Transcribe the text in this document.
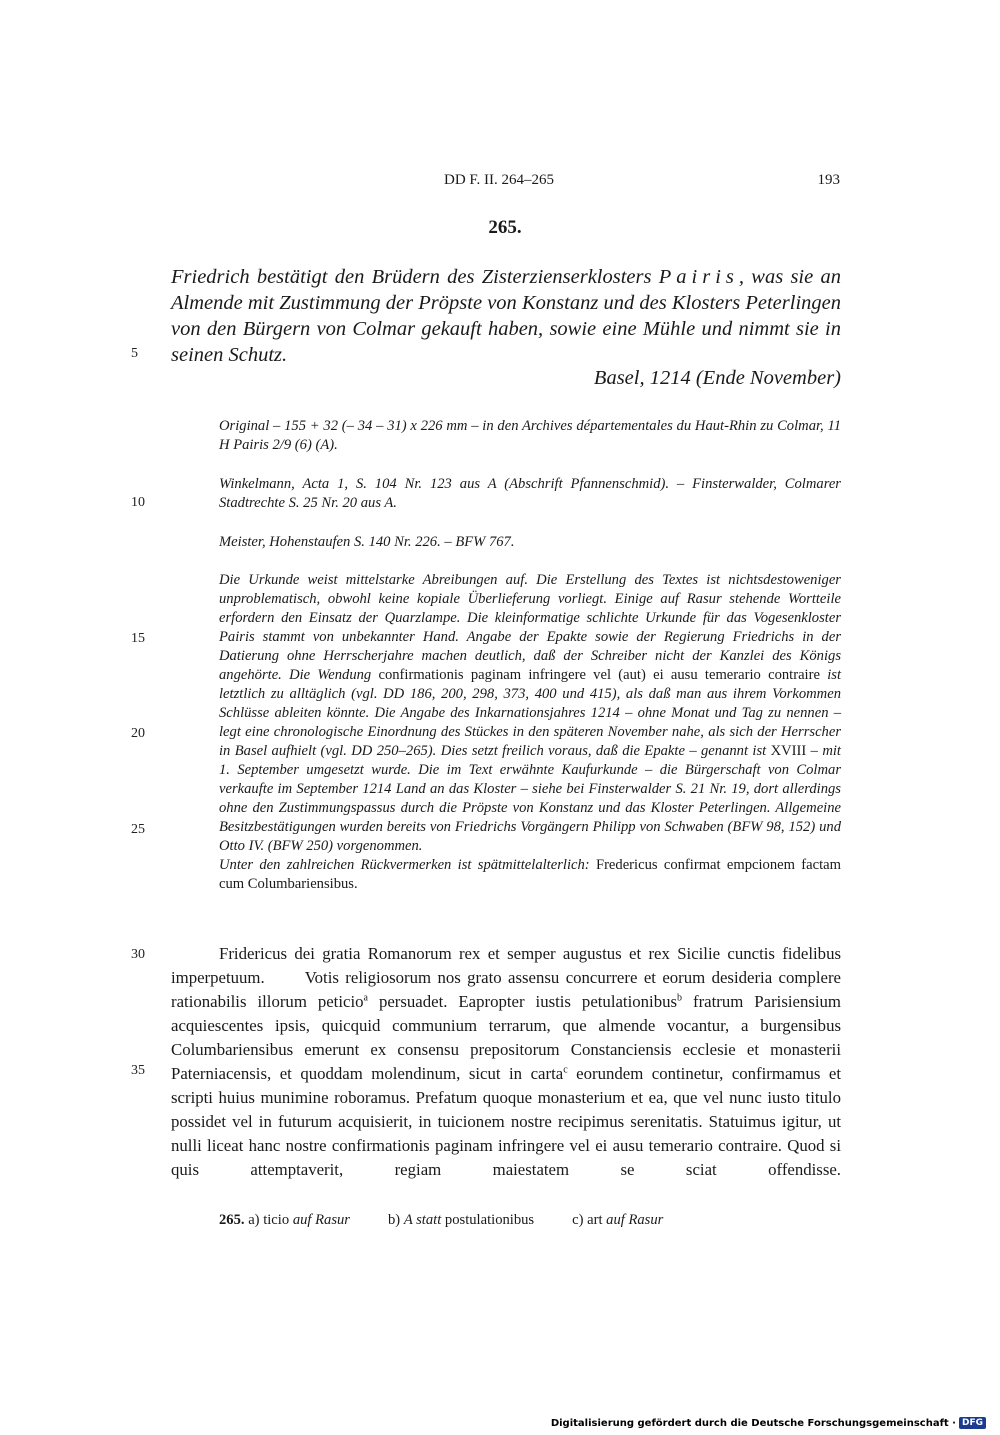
DD F. II. 264–265	193
265.
Friedrich bestätigt den Brüdern des Zisterzienserklosters Pairis, was sie an Almende mit Zustimmung der Pröpste von Konstanz und des Klosters Peterlingen von den Bürgern von Colmar gekauft haben, sowie eine Mühle und nimmt sie in seinen Schutz.
Basel, 1214 (Ende November)
5
10
15
20
25
30
35
Original – 155 + 32 (– 34 – 31) x 226 mm – in den Archives départementales du Haut-Rhin zu Colmar, 11 H Pairis 2/9 (6) (A).
Winkelmann, Acta 1, S. 104 Nr. 123 aus A (Abschrift Pfannenschmid). – Finsterwalder, Colmarer Stadtrechte S. 25 Nr. 20 aus A.
Meister, Hohenstaufen S. 140 Nr. 226. – BFW 767.
Die Urkunde weist mittelstarke Abreibungen auf. Die Erstellung des Textes ist nichtsdestoweniger unproblematisch, obwohl keine kopiale Überlieferung vorliegt. Einige auf Rasur stehende Wortteile erfordern den Einsatz der Quarzlampe. Die kleinformatige schlichte Urkunde für das Vogesenkloster Pairis stammt von unbekannter Hand. Angabe der Epakte sowie der Regierung Friedrichs in der Datierung ohne Herrscherjahre machen deutlich, daß der Schreiber nicht der Kanzlei des Königs angehörte. Die Wendung confirmationis paginam infringere vel (aut) ei ausu temerario contraire ist letztlich zu alltäglich (vgl. DD 186, 200, 298, 373, 400 und 415), als daß man aus ihrem Vorkommen Schlüsse ableiten könnte. Die Angabe des Inkarnationsjahres 1214 – ohne Monat und Tag zu nennen – legt eine chronologische Einordnung des Stückes in den späteren November nahe, als sich der Herrscher in Basel aufhielt (vgl. DD 250–265). Dies setzt freilich voraus, daß die Epakte – genannt ist XVIII – mit 1. September umgesetzt wurde. Die im Text erwähnte Kaufurkunde – die Bürgerschaft von Colmar verkaufte im September 1214 Land an das Kloster – siehe bei Finsterwalder S. 21 Nr. 19, dort allerdings ohne den Zustimmungspassus durch die Pröpste von Konstanz und das Kloster Peterlingen. Allgemeine Besitzbestätigungen wurden bereits von Friedrichs Vorgängern Philipp von Schwaben (BFW 98, 152) und Otto IV. (BFW 250) vorgenommen.
Unter den zahlreichen Rückvermerken ist spätmittelalterlich: Fredericus confirmat empcionem factam cum Columbariensibus.
Fridericus dei gratia Romanorum rex et semper augustus et rex Sicilie cunctis fidelibus imperpetuum. Votis religiosorum nos grato assensu concurrere et eorum desideria complere rationabilis illorum peticio$^a$ persuadet. Eapropter iustis petulationibus$^b$ fratrum Parisiensium acquiescentes ipsis, quicquid communium terrarum, que almende vocantur, a burgensibus Columbariensibus emerunt ex consensu prepositorum Constanciensis ecclesie et monasterii Paterniacensis, et quoddam molendinum, sicut in carta$^c$ eorundem continetur, confirmamus et scripti huius munimine roboramus. Prefatum quoque monasterium et ea, que vel nunc iusto titulo possidet vel in futurum acquisierit, in tuicionem nostre recipimus serenitatis. Statuimus igitur, ut nulli liceat hanc nostre confirmationis paginam infringere vel ei ausu temerario contraire. Quod si quis attemptaverit, regiam maiestatem se sciat offendisse.
265. a) ticio auf Rasur	b) A statt postulationibus	c) art auf Rasur
Digitalisierung gefördert durch die Deutsche Forschungsgemeinschaft · DFG
